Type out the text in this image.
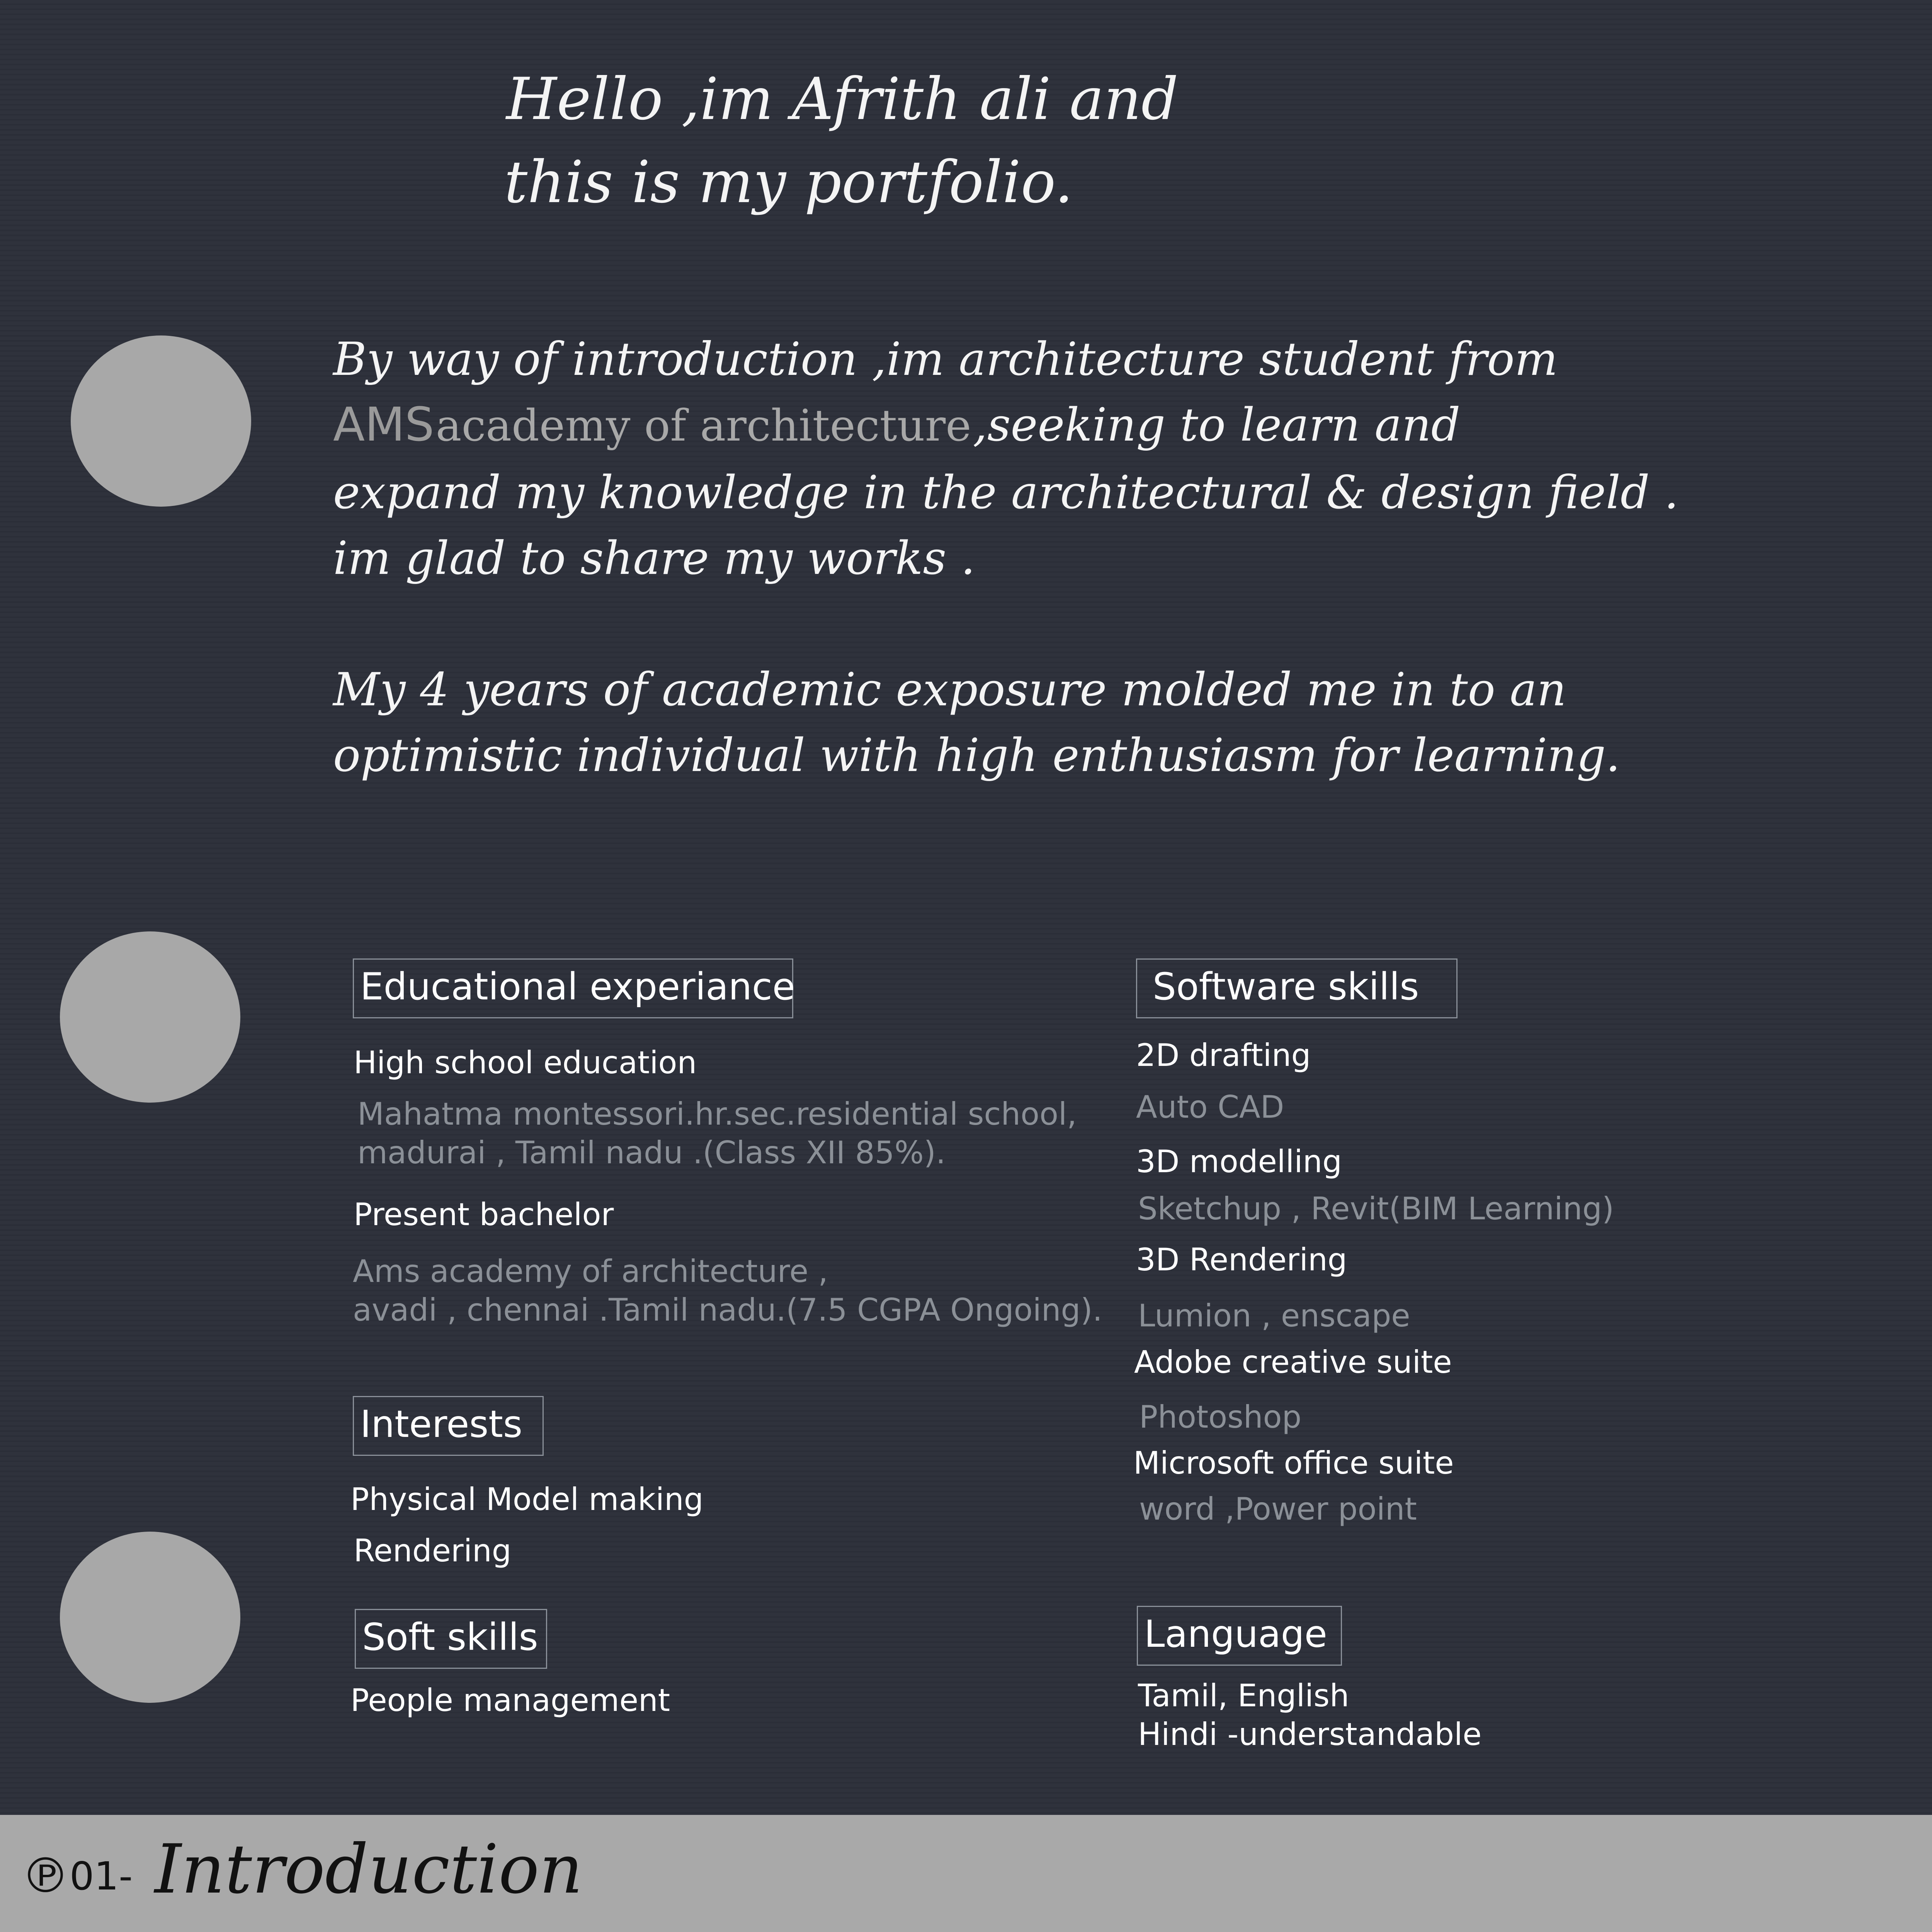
Hello ,im Afrith ali and
this is my portfolio.
By way of introduction ,im architecture student from
AMS academy of architecture ,seeking to learn and
expand my knowledge in the architectural & design field .
im glad to share my works .
My 4 years of academic exposure molded me in to an
optimistic individual with high enthusiasm for learning.
Educational experiance
High school education
Mahatma montessori.hr.sec.residential school,
madurai , Tamil nadu .(Class XII 85%).
Present bachelor
Ams academy of architecture ,
avadi , chennai .Tamil nadu.(7.5 CGPA Ongoing).
Interests
Physical Model making
Rendering
Soft skills
People management
Software skills
2D drafting
Auto CAD
3D modelling
Sketchup , Revit(BIM Learning)
3D Rendering
Lumion , enscape
Adobe creative suite
Photoshop
Microsoft office suite
word ,Power point
Language
Tamil, English
Hindi -understandable
℗ 01- Introduction
